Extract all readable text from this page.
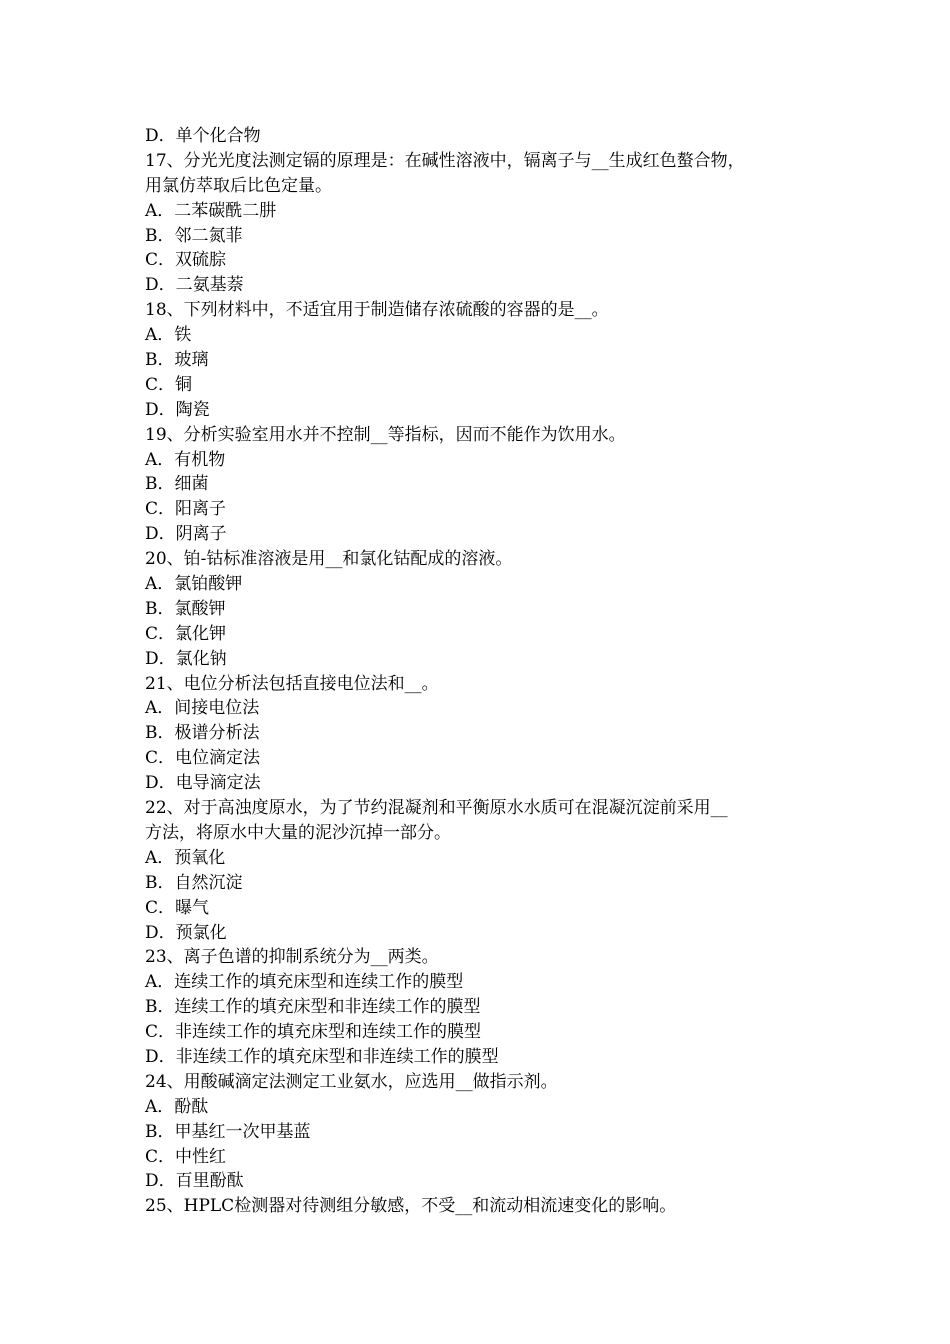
D．单个化合物
17、分光光度法测定镉的原理是：在碱性溶液中，镉离子与__生成红色螯合物，
用氯仿萃取后比色定量。
A．二苯碳酰二肼
B．邻二氮菲
C．双硫腙
D．二氨基萘
18、下列材料中，不适宜用于制造储存浓硫酸的容器的是__。
A．铁
B．玻璃
C．铜
D．陶瓷
19、分析实验室用水并不控制__等指标，因而不能作为饮用水。
A．有机物
B．细菌
C．阳离子
D．阴离子
20、铂-钴标准溶液是用__和氯化钴配成的溶液。
A．氯铂酸钾
B．氯酸钾
C．氯化钾
D．氯化钠
21、电位分析法包括直接电位法和__。
A．间接电位法
B．极谱分析法
C．电位滴定法
D．电导滴定法
22、对于高浊度原水，为了节约混凝剂和平衡原水水质可在混凝沉淀前采用__
方法，将原水中大量的泥沙沉掉一部分。
A．预氧化
B．自然沉淀
C．曝气
D．预氯化
23、离子色谱的抑制系统分为__两类。
A．连续工作的填充床型和连续工作的膜型
B．连续工作的填充床型和非连续工作的膜型
C．非连续工作的填充床型和连续工作的膜型
D．非连续工作的填充床型和非连续工作的膜型
24、用酸碱滴定法测定工业氨水，应选用__做指示剂。
A．酚酞
B．甲基红一次甲基蓝
C．中性红
D．百里酚酞
25、HPLC检测器对待测组分敏感，不受__和流动相流速变化的影响。
